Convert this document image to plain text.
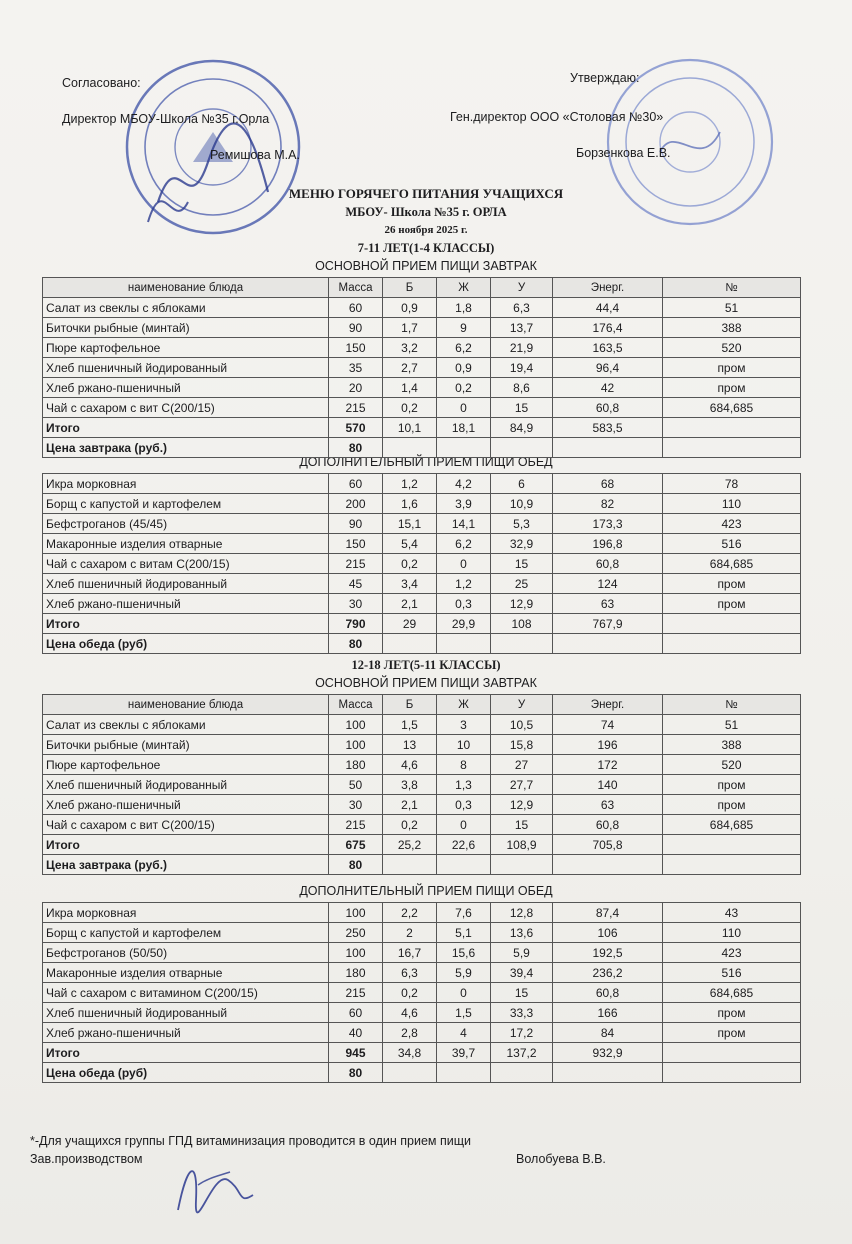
Согласовано:	Утверждаю:
Директор МБОУ-Школа №35 г.Орла	Ген.директор ООО «Столовая №30»
Ремишова М.А.	Борзенкова Е.В.
МЕНЮ ГОРЯЧЕГО ПИТАНИЯ УЧАЩИХСЯ
МБОУ- Школа №35 г. ОРЛА
26 ноября 2025 г.
7-11 ЛЕТ(1-4 КЛАССЫ)
12-18 ЛЕТ(5-11 КЛАССЫ)
ОСНОВНОЙ ПРИЕМ ПИЩИ ЗАВТРАК
ДОПОЛНИТЕЛЬНЫЙ ПРИЕМ ПИЩИ ОБЕД
ОСНОВНОЙ ПРИЕМ ПИЩИ ЗАВТРАК
ДОПОЛНИТЕЛЬНЫЙ ПРИЕМ ПИЩИ ОБЕД
наименование блюда	Масса	Б	Ж	У	Энерг.	№
Салат из свеклы с яблоками	60	0,9	1,8	6,3	44,4	51
Биточки рыбные (минтай)	90	1,7	9	13,7	176,4	388
Пюре картофельное	150	3,2	6,2	21,9	163,5	520
Хлеб пшеничный йодированный	35	2,7	0,9	19,4	96,4	пром
Хлеб ржано-пшеничный	20	1,4	0,2	8,6	42	пром
Чай с сахаром с вит С(200/15)	215	0,2	0	15	60,8	684,685
Итого	570	10,1	18,1	84,9	583,5	
Цена завтрака (руб.)	80					
Икра морковная	60	1,2	4,2	6	68	78
Борщ с капустой и картофелем	200	1,6	3,9	10,9	82	110
Бефстроганов (45/45)	90	15,1	14,1	5,3	173,3	423
Макаронные изделия отварные	150	5,4	6,2	32,9	196,8	516
Чай с сахаром с витам С(200/15)	215	0,2	0	15	60,8	684,685
Хлеб пшеничный йодированный	45	3,4	1,2	25	124	пром
Хлеб ржано-пшеничный	30	2,1	0,3	12,9	63	пром
Итого	790	29	29,9	108	767,9	
Цена обеда (руб)	80					
наименование блюда	Масса	Б	Ж	У	Энерг.	№
Салат из свеклы с яблоками	100	1,5	3	10,5	74	51
Биточки рыбные (минтай)	100	13	10	15,8	196	388
Пюре картофельное	180	4,6	8	27	172	520
Хлеб пшеничный йодированный	50	3,8	1,3	27,7	140	пром
Хлеб ржано-пшеничный	30	2,1	0,3	12,9	63	пром
Чай с сахаром с вит С(200/15)	215	0,2	0	15	60,8	684,685
Итого	675	25,2	22,6	108,9	705,8	
Цена завтрака (руб.)	80					
Икра морковная	100	2,2	7,6	12,8	87,4	43
Борщ с капустой и картофелем	250	2	5,1	13,6	106	110
Бефстроганов (50/50)	100	16,7	15,6	5,9	192,5	423
Макаронные изделия отварные	180	6,3	5,9	39,4	236,2	516
Чай с сахаром с витамином С(200/15)	215	0,2	0	15	60,8	684,685
Хлеб пшеничный йодированный	60	4,6	1,5	33,3	166	пром
Хлеб ржано-пшеничный	40	2,8	4	17,2	84	пром
Итого	945	34,8	39,7	137,2	932,9	
Цена обеда (руб)	80					
*-Для учащихся группы ГПД витаминизация проводится в один прием пищи
Зав.производством	Волобуева В.В.
